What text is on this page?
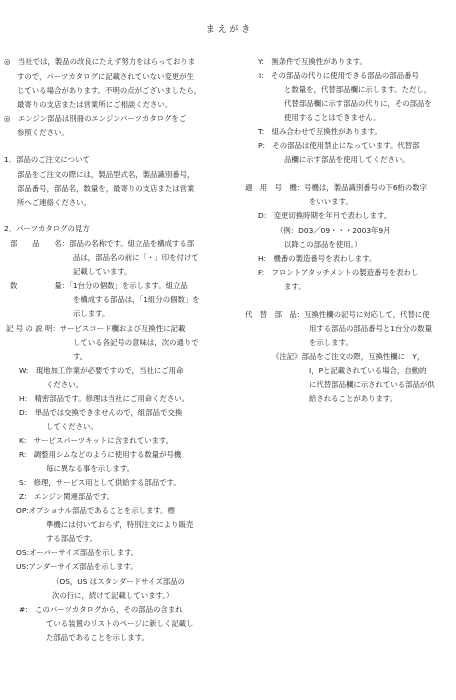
ま え が き
◎　当社では，製品の改良にたえず努力をはらっておりま
すので，パーツカタログに記載されていない変更が生
じている場合があります。不明の点がございましたら，
最寄りの支店または営業所にご相談ください。
◎　エンジン部品は別冊のエンジンパーツカタログをご
参照ください。
1．部品のご注文について
部品をご注文の際には，製品型式名，製品識別番号，
部品番号，部品名，数量を，最寄りの支店または営業
所へご連絡ください。
2．パーツカタログの見方
部　　品　　名：部品の名称です。組立品を構成する部
品は，部品名の前に「・」印を付けて
記載しています。
数　　　　　量：「1台分の個数」を示します。組立品
を構成する部品は，「1組分の個数」を
示します。
記 号 の 説 明：サービスコード欄および互換性に記載
している各記号の意味は，次の通りで
す。
W:　現地加工作業が必要ですので，当社にご用命
ください。
H:　精密部品です。修理は当社にご用命ください。
D:　単品では交換できませんので，組部品で交換
してください。
K:　サービスパーツキットに含まれています。
R:　調整用シムなどのように使用する数量が号機
毎に異なる事を示します。
S:　修理，サービス用として供給する部品です。
Z:　エンジン関連部品です。
OP:オプショナル部品であることを示します。標
準機には付いておらず，特別注文により販売
する部品です。
OS:オーバーサイズ部品を示します。
US:アンダーサイズ部品を示します。
（OS，US はスタンダードサイズ部品の
次の行に，続けて記載しています。）
#:　このパーツカタログから，その部品の含まれ
ている装置のリストのページに新しく記載し
た部品であることを示します。
Y:　無条件で互換性があります。
I:　その部品の代りに使用できる部品の部品番号
と数量を，代替部品欄に示します。ただし，
代替部品欄に示す部品の代りに，その部品を
使用することはできません。
T:　組み合わせで互換性があります。
P:　その部品は使用禁止になっています。代替部
品欄に示す部品を使用してください。
適　用　号　機：号機は，製品識別番号の下6桁の数字
をいいます。
D:　変更切換時期を年月で表わします。
（例：D03／09・・・2003年9月
以降この部品を使用。）
H:　機番の製造番号を表わします。
F:　フロントアタッチメントの製造番号を表わし
ます。
代　替　部　品：互換性欄の記号に対応して，代替に使
用する部品の部品番号と1台分の数量
を示します。
《注記》部品をご注文の際，互換性欄に　Y，
I，Pと記載されている場合，自動的
に代替部品欄に示されている部品が供
給されることがあります。
